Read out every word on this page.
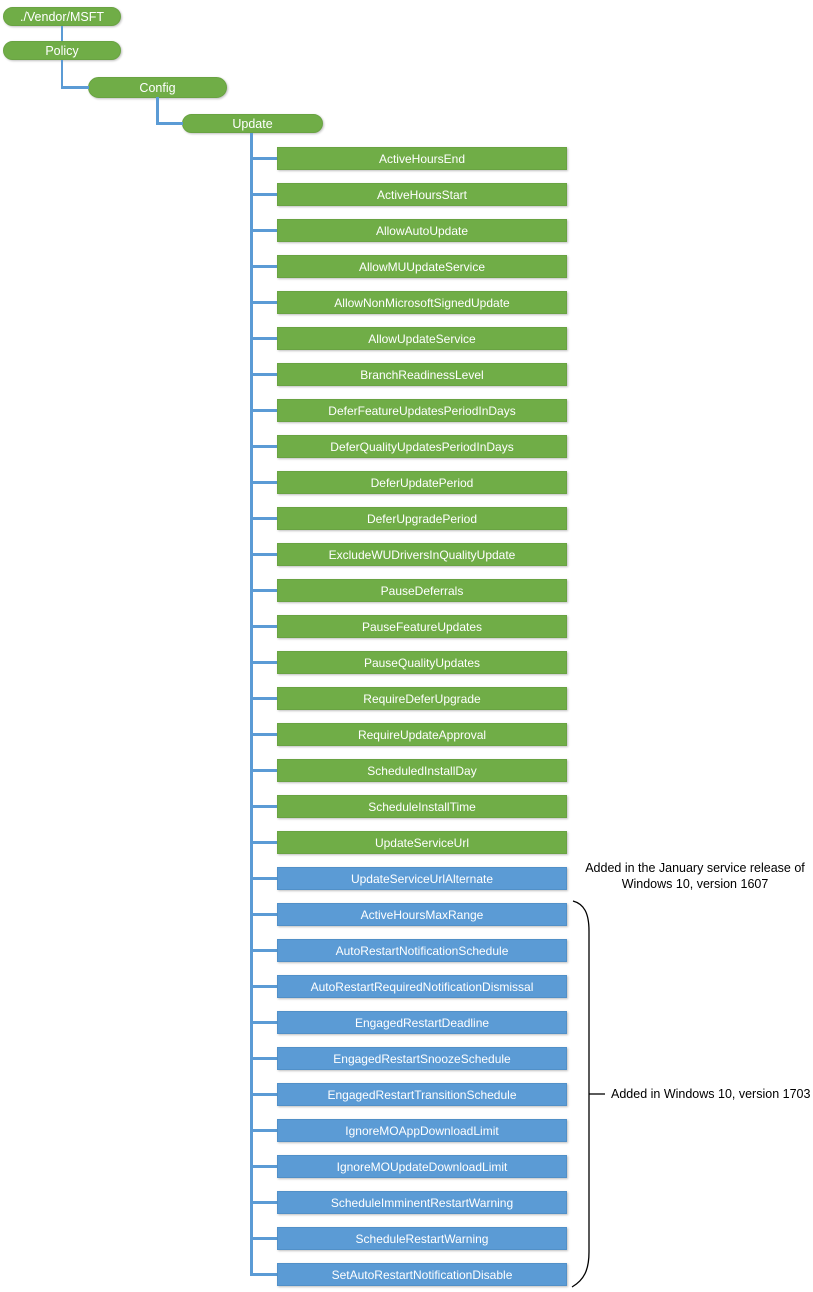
./Vendor/MSFT
Policy
Config
Update
ActiveHoursEnd
ActiveHoursStart
AllowAutoUpdate
AllowMUUpdateService
AllowNonMicrosoftSignedUpdate
AllowUpdateService
BranchReadinessLevel
DeferFeatureUpdatesPeriodInDays
DeferQualityUpdatesPeriodInDays
DeferUpdatePeriod
DeferUpgradePeriod
ExcludeWUDriversInQualityUpdate
PauseDeferrals
PauseFeatureUpdates
PauseQualityUpdates
RequireDeferUpgrade
RequireUpdateApproval
ScheduledInstallDay
ScheduleInstallTime
UpdateServiceUrl
UpdateServiceUrlAlternate
ActiveHoursMaxRange
AutoRestartNotificationSchedule
AutoRestartRequiredNotificationDismissal
EngagedRestartDeadline
EngagedRestartSnoozeSchedule
EngagedRestartTransitionSchedule
IgnoreMOAppDownloadLimit
IgnoreMOUpdateDownloadLimit
ScheduleImminentRestartWarning
ScheduleRestartWarning
SetAutoRestartNotificationDisable
Added in the January service release of Windows 10, version 1607
Added in Windows 10, version 1703
